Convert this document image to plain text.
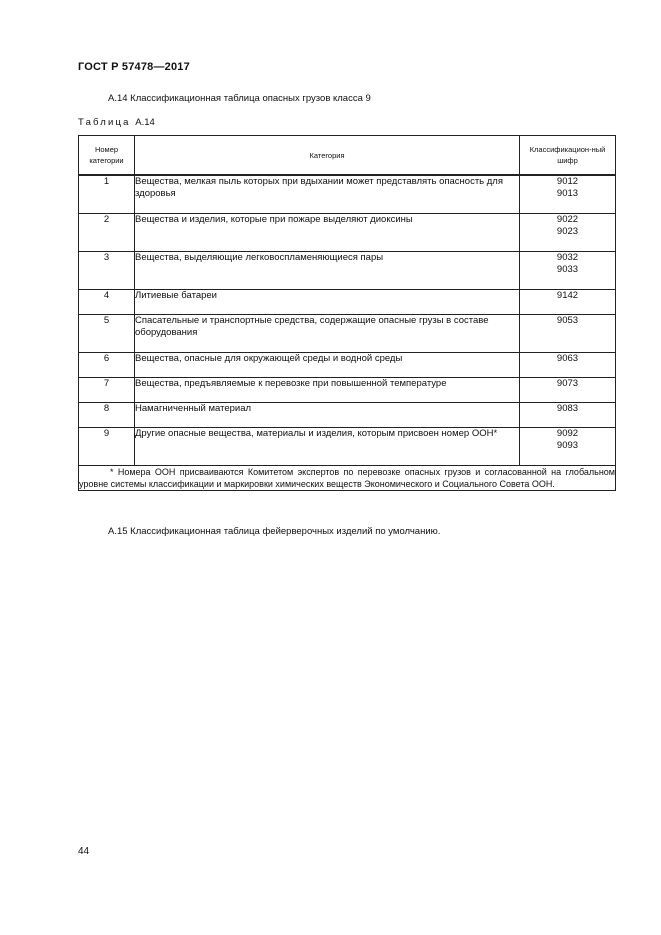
ГОСТ Р 57478—2017
А.14 Классификационная таблица опасных грузов класса 9
Таблица А.14
Номер категории	Категория	Классификацион-ный шифр
1	Вещества, мелкая пыль которых при вдыхании может представлять опасность для здоровья	9012
9013

2	Вещества и изделия, которые при пожаре выделяют диоксины	9022
9023

3	Вещества, выделяющие легковоспламеняющиеся пары	9032
9033

4	Литиевые батареи	9142

5	Спасательные и транспортные средства, содержащие опасные грузы в составе оборудования	9053

6	Вещества, опасные для окружающей среды и водной среды	9063

7	Вещества, предъявляемые к перевозке при повышенной температуре	9073

8	Намагниченный материал	9083

9	Другие опасные вещества, материалы и изделия, которым присвоен номер ООН*	9092
9093

* Номера ООН присваиваются Комитетом экспертов по перевозке опасных грузов и согласованной на глобальном уровне системы классификации и маркировки химических веществ Экономического и Социального Совета ООН.		
А.15 Классификационная таблица фейерверочных изделий по умолчанию.
44
